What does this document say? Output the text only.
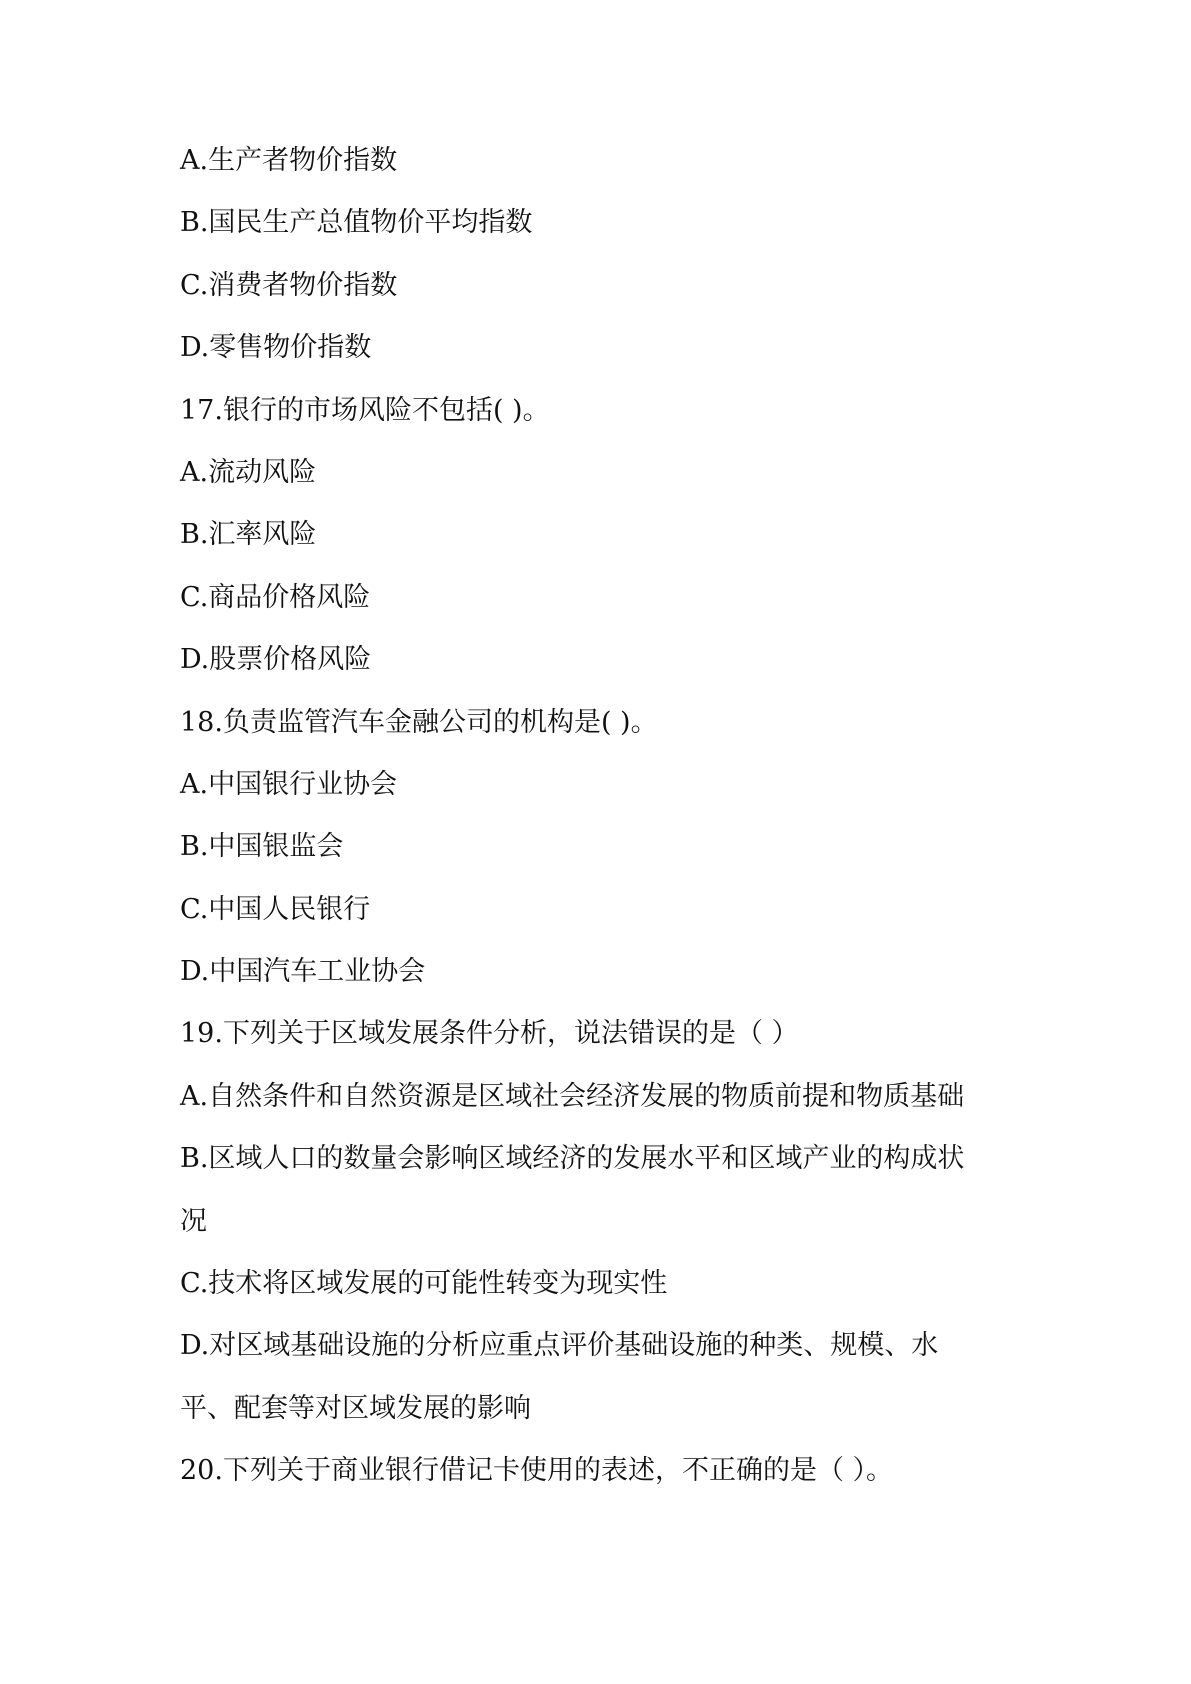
A.生产者物价指数

B.国民生产总值物价平均指数

C.消费者物价指数

D.零售物价指数

17.银行的市场风险不包括( )。

A.流动风险

B.汇率风险

C.商品价格风险

D.股票价格风险

18.负责监管汽车金融公司的机构是( )。

A.中国银行业协会

B.中国银监会

C.中国人民银行

D.中国汽车工业协会

19.下列关于区域发展条件分析，说法错误的是（ ）

A.自然条件和自然资源是区域社会经济发展的物质前提和物质基础

B.区域人口的数量会影响区域经济的发展水平和区域产业的构成状

况

C.技术将区域发展的可能性转变为现实性

D.对区域基础设施的分析应重点评价基础设施的种类、规模、水

平、配套等对区域发展的影响

20.下列关于商业银行借记卡使用的表述，不正确的是（ ）。
